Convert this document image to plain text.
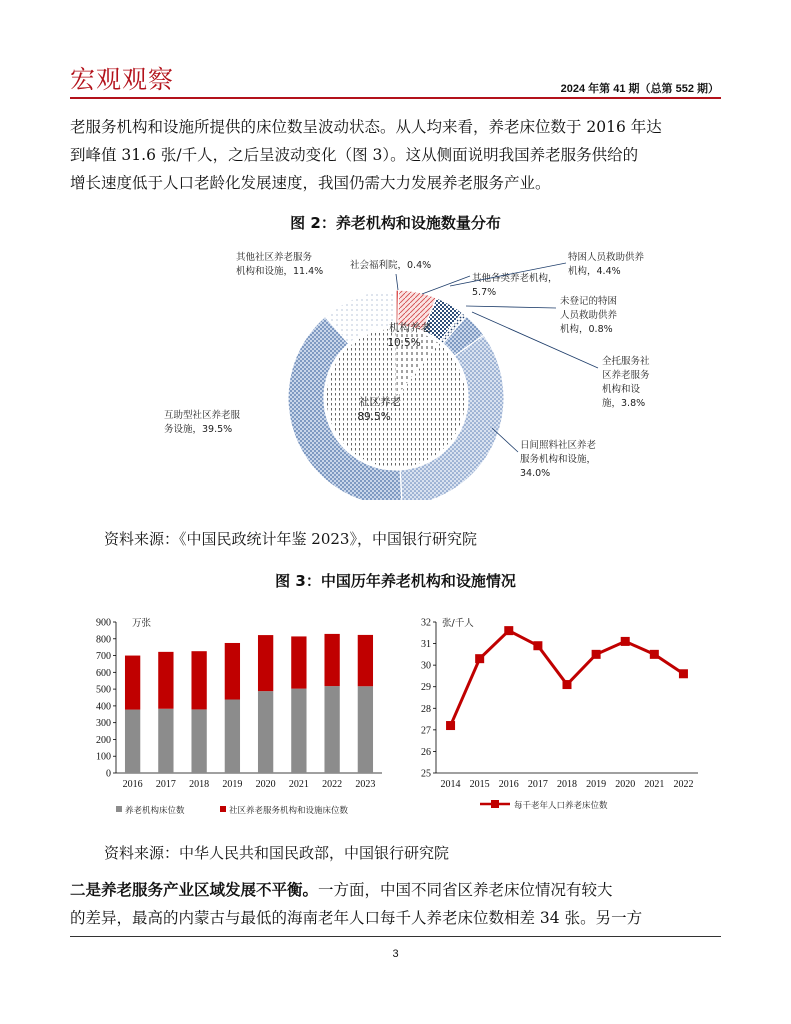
宏观观察	2024 年第 41 期（总第 552 期）
老服务机构和设施所提供的床位数呈波动状态。从人均来看，养老床位数于 2016 年达
到峰值 31.6 张/千人，之后呈波动变化（图 3）。这从侧面说明我国养老服务供给的
增长速度低于人口老龄化发展速度，我国仍需大力发展养老服务产业。
图 2：养老机构和设施数量分布
机构养老
10.5%
社区养老
89.5%
社会福利院，0.4%
其他各类养老机构，
5.7%
特困人员救助供养
机构，4.4%
未登记的特困
人员救助供养
机构，0.8%
全托服务社
区养老服务
机构和设
施，3.8%
日间照料社区养老
服务机构和设施，
34.0%
互助型社区养老服
务设施，39.5%
其他社区养老服务
机构和设施，11.4%
资料来源：《中国民政统计年鉴 2023》，中国银行研究院
图 3：中国历年养老机构和设施情况
0
100
200
300
400
500
600
700
800
900
2016 2017 2018 2019 2020 2021 2022 2023
万张
养老机构床位数	社区养老服务机构和设施床位数
25
26
27
28
29
30
31
32
2014 2015 2016 2017 2018 2019 2020 2021 2022
张/千人
每千老年人口养老床位数
资料来源：中华人民共和国民政部，中国银行研究院
二是养老服务产业区域发展不平衡。一方面，中国不同省区养老床位情况有较大
的差异，最高的内蒙古与最低的海南老年人口每千人养老床位数相差 34 张。另一方
3
